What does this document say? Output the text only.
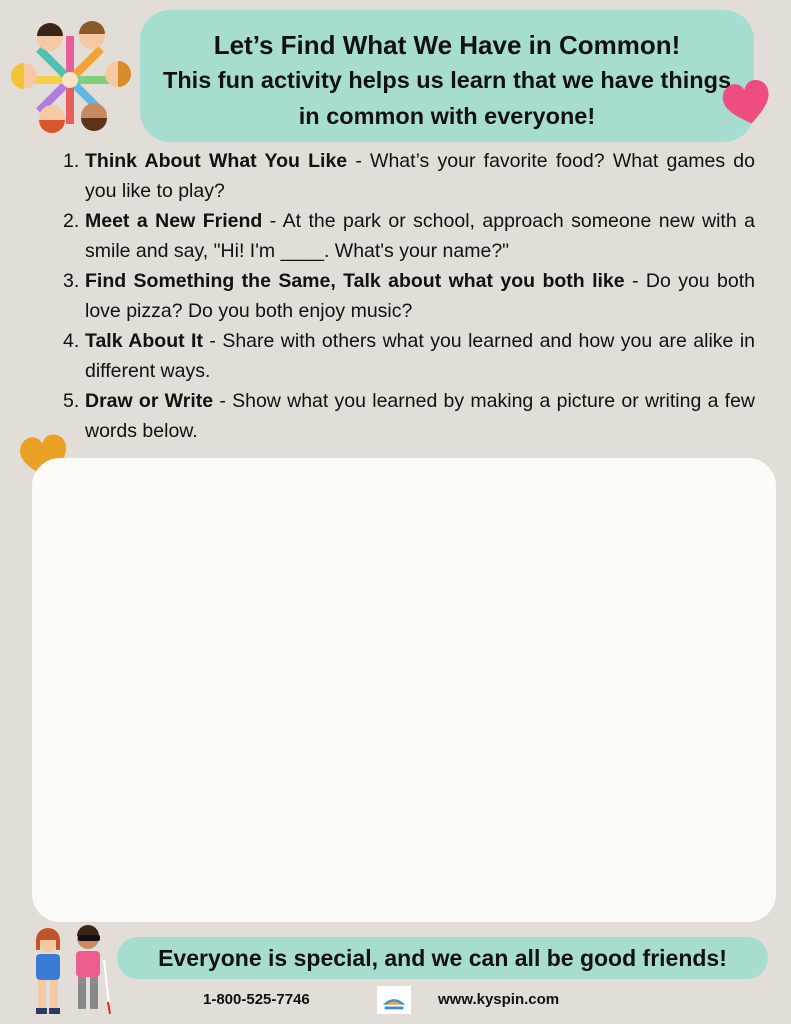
Let’s Find What We Have in Common!
This fun activity helps us learn that we have things in common with everyone!
1. Think About What You Like - What’s your favorite food? What games do you like to play?
2. Meet a New Friend - At the park or school, approach someone new with a smile and say, "Hi! I'm ____. What's your name?"
3. Find Something the Same, Talk about what you both like - Do you both love pizza? Do you both enjoy music?
4. Talk About It - Share with others what you learned and how you are alike in different ways.
5. Draw or Write - Show what you learned by making a picture or writing a few words below.
Everyone is special, and we can all be good friends!
1-800-525-7746	www.kyspin.com
